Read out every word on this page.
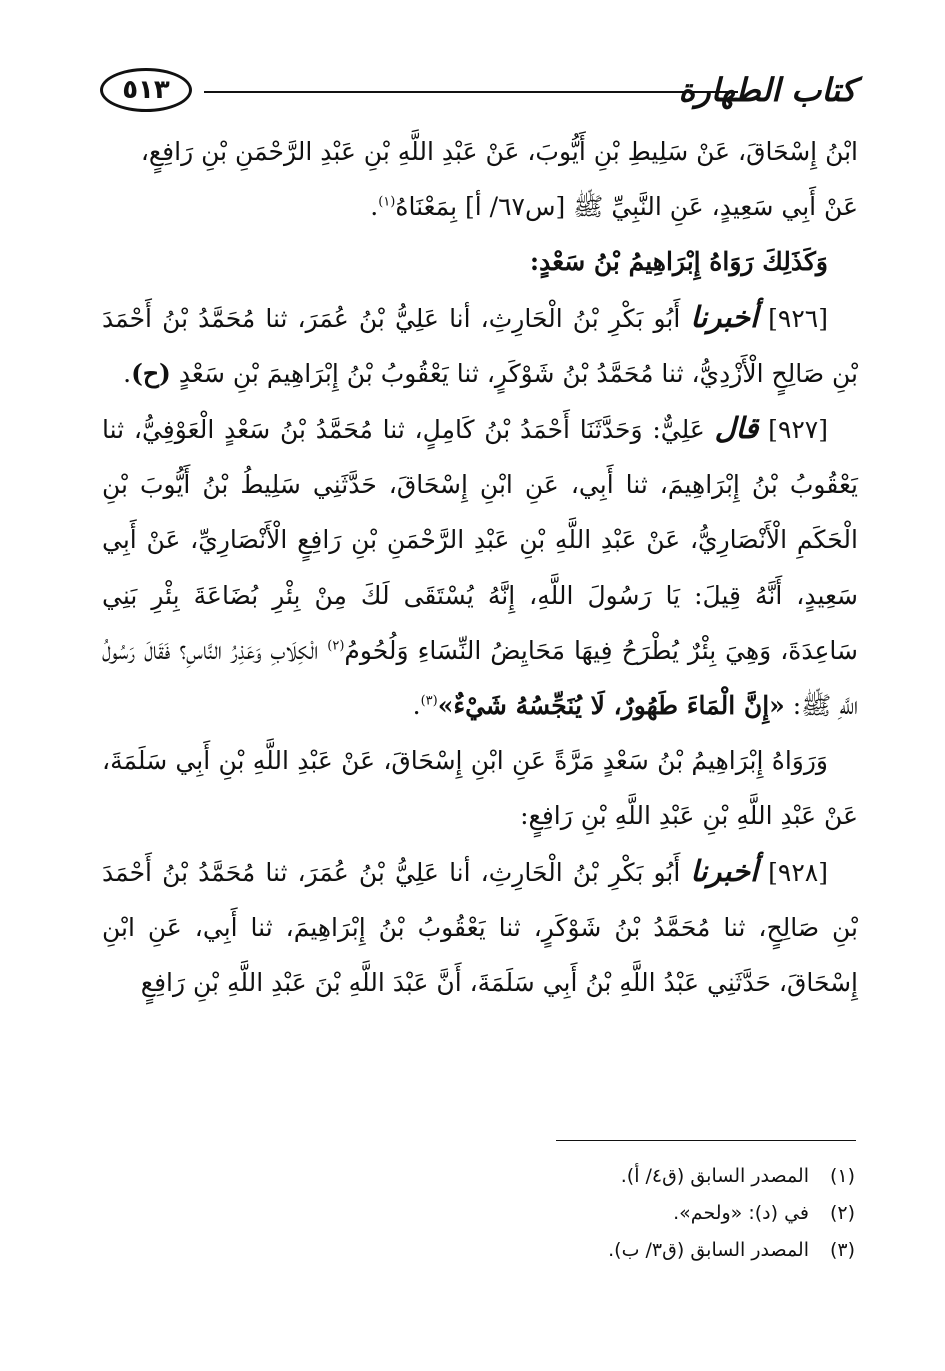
٥١٣	كتاب الطهارة

ابْنُ إِسْحَاقَ، عَنْ سَلِيطِ بْنِ أَيُّوبَ، عَنْ عَبْدِ اللَّهِ بْنِ عَبْدِ الرَّحْمَنِ بْنِ رَافِعٍ،
عَنْ أَبِي سَعِيدٍ، عَنِ النَّبِيِّ ﷺ [س٦٧/ أ] بِمَعْنَاهُ$^{(١)}$.

وَكَذَلِكَ رَوَاهُ إِبْرَاهِيمُ بْنُ سَعْدٍ:

[٩٢٦] أخبرنا أَبُو بَكْرِ بْنُ الْحَارِثِ، أنا عَلِيُّ بْنُ عُمَرَ، ثنا مُحَمَّدُ بْنُ أَحْمَدَ بْنِ صَالِحٍ الْأَزْدِيُّ، ثنا مُحَمَّدُ بْنُ شَوْكَرٍ، ثنا يَعْقُوبُ بْنُ إِبْرَاهِيمَ بْنِ سَعْدٍ (ح).

[٩٢٧] قال عَلِيٌّ: وَحَدَّثَنَا أَحْمَدُ بْنُ كَامِلٍ، ثنا مُحَمَّدُ بْنُ سَعْدٍ الْعَوْفِيُّ، ثنا يَعْقُوبُ بْنُ إِبْرَاهِيمَ، ثنا أَبِي، عَنِ ابْنِ إِسْحَاقَ، حَدَّثَنِي سَلِيطُ بْنُ أَيُّوبَ بْنِ الْحَكَمِ الْأَنْصَارِيُّ، عَنْ عَبْدِ اللَّهِ بْنِ عَبْدِ الرَّحْمَنِ بْنِ رَافِعٍ الْأَنْصَارِيِّ، عَنْ أَبِي سَعِيدٍ، أَنَّهُ قِيلَ: يَا رَسُولَ اللَّهِ، إِنَّهُ يُسْتَقَى لَكَ مِنْ بِئْرِ بُضَاعَةَ بِئْرِ بَنِي سَاعِدَةَ، وَهِيَ بِئْرٌ يُطْرَحُ فِيهَا مَحَايِضُ النِّسَاءِ وَلُحُومُ$^{(٢)}$ الْكِلَابِ وَعَذِرُ النَّاسِ؟ فَقَالَ رَسُولُ اللَّهِ ﷺ: «إِنَّ الْمَاءَ طَهُورٌ، لَا يُنَجِّسُهُ شَيْءٌ»$^{(٣)}$.

وَرَوَاهُ إِبْرَاهِيمُ بْنُ سَعْدٍ مَرَّةً عَنِ ابْنِ إِسْحَاقَ، عَنْ عَبْدِ اللَّهِ بْنِ أَبِي سَلَمَةَ، عَنْ عَبْدِ اللَّهِ بْنِ عَبْدِ اللَّهِ بْنِ رَافِعٍ:

[٩٢٨] أخبرنا أَبُو بَكْرِ بْنُ الْحَارِثِ، أنا عَلِيُّ بْنُ عُمَرَ، ثنا مُحَمَّدُ بْنُ أَحْمَدَ بْنِ صَالِحٍ، ثنا مُحَمَّدُ بْنُ شَوْكَرٍ، ثنا يَعْقُوبُ بْنُ إِبْرَاهِيمَ، ثنا أَبِي، عَنِ ابْنِ إِسْحَاقَ، حَدَّثَنِي عَبْدُ اللَّهِ بْنُ أَبِي سَلَمَةَ، أَنَّ عَبْدَ اللَّهِ بْنَ عَبْدِ اللَّهِ بْنِ رَافِعٍ

(١)المصدر السابق (ق٤/ أ).
(٢)في (د): «ولحم».
(٣)المصدر السابق (ق٣/ ب).
